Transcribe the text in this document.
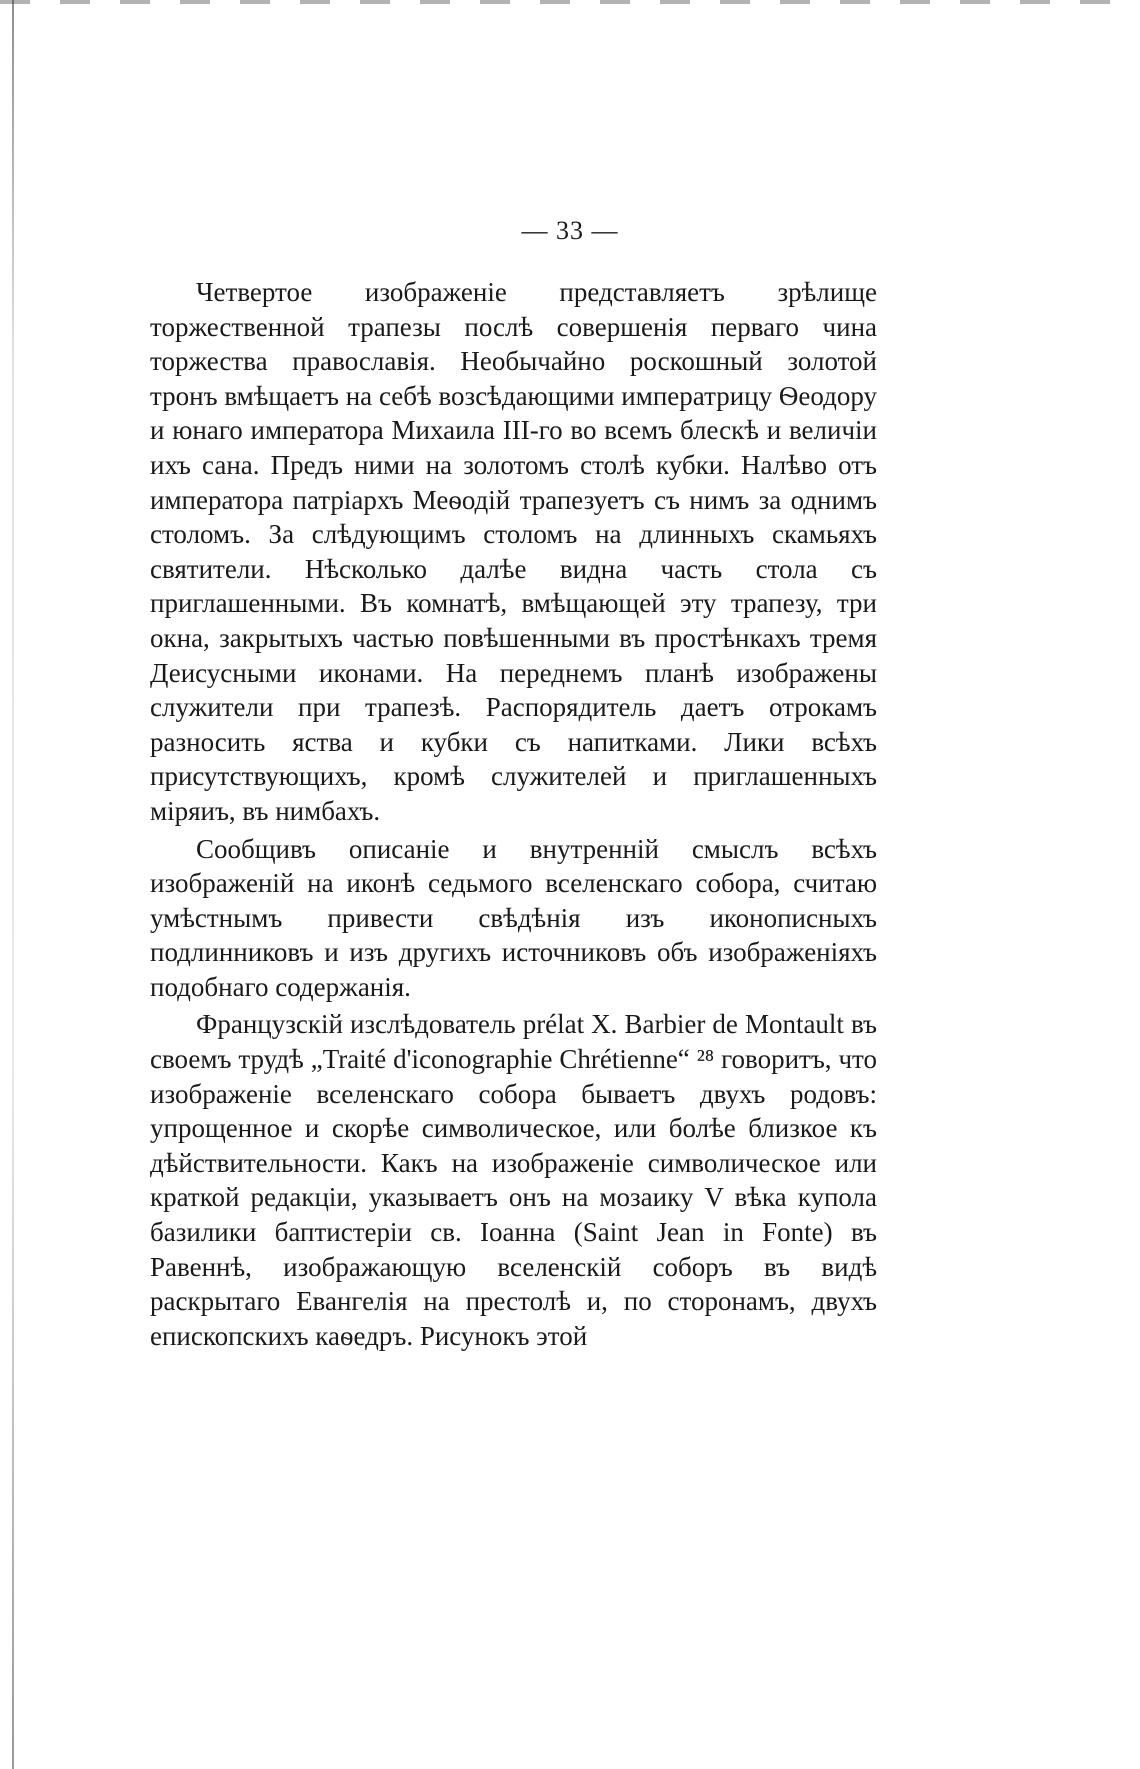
— 33 —

Четвертое изображеніе представляетъ зрѣлище торжественной трапезы послѣ совершенія перваго чина торжества православія. Необычайно роскошный золотой тронъ вмѣщаетъ на себѣ возсѣдающими императрицу Ѳеодору и юнаго императора Михаила III-го во всемъ блескѣ и величіи ихъ сана. Предъ ними на золотомъ столѣ кубки. Налѣво отъ императора патріархъ Меѳодій трапезуетъ съ нимъ за однимъ столомъ. За слѣдующимъ столомъ на длинныхъ скамьяхъ святители. Нѣсколько далѣе видна часть стола съ приглашенными. Въ комнатѣ, вмѣщающей эту трапезу, три окна, закрытыхъ частью повѣшенными въ простѣнкахъ тремя Деисусными иконами. На переднемъ планѣ изображены служители при трапезѣ. Распорядитель даетъ отрокамъ разносить яства и кубки съ напитками. Лики всѣхъ присутствующихъ, кромѣ служителей и приглашенныхъ міряиъ, въ нимбахъ.

Сообщивъ описаніе и внутренній смыслъ всѣхъ изображеній на иконѣ седьмого вселенскаго собора, считаю умѣстнымъ привести свѣдѣнія изъ иконописныхъ подлинниковъ и изъ другихъ источниковъ объ изображеніяхъ подобнаго содержанія.

Французскій изслѣдователь prélat X. Barbier de Montault въ своемъ трудѣ „Traité d'iconographie Chrétienne“ ²⁸ говоритъ, что изображеніе вселенскаго собора бываетъ двухъ родовъ: упрощенное и скорѣе символическое, или болѣе близкое къ дѣйствительности. Какъ на изображеніе символическое или краткой редакціи, указываетъ онъ на мозаику V вѣка купола базилики баптистеріи св. Іоанна (Saint Jean in Fonte) въ Равеннѣ, изображающую вселенскій соборъ въ видѣ раскрытаго Евангелія на престолѣ и, по сторонамъ, двухъ епископскихъ каѳедръ. Рисунокъ этой
